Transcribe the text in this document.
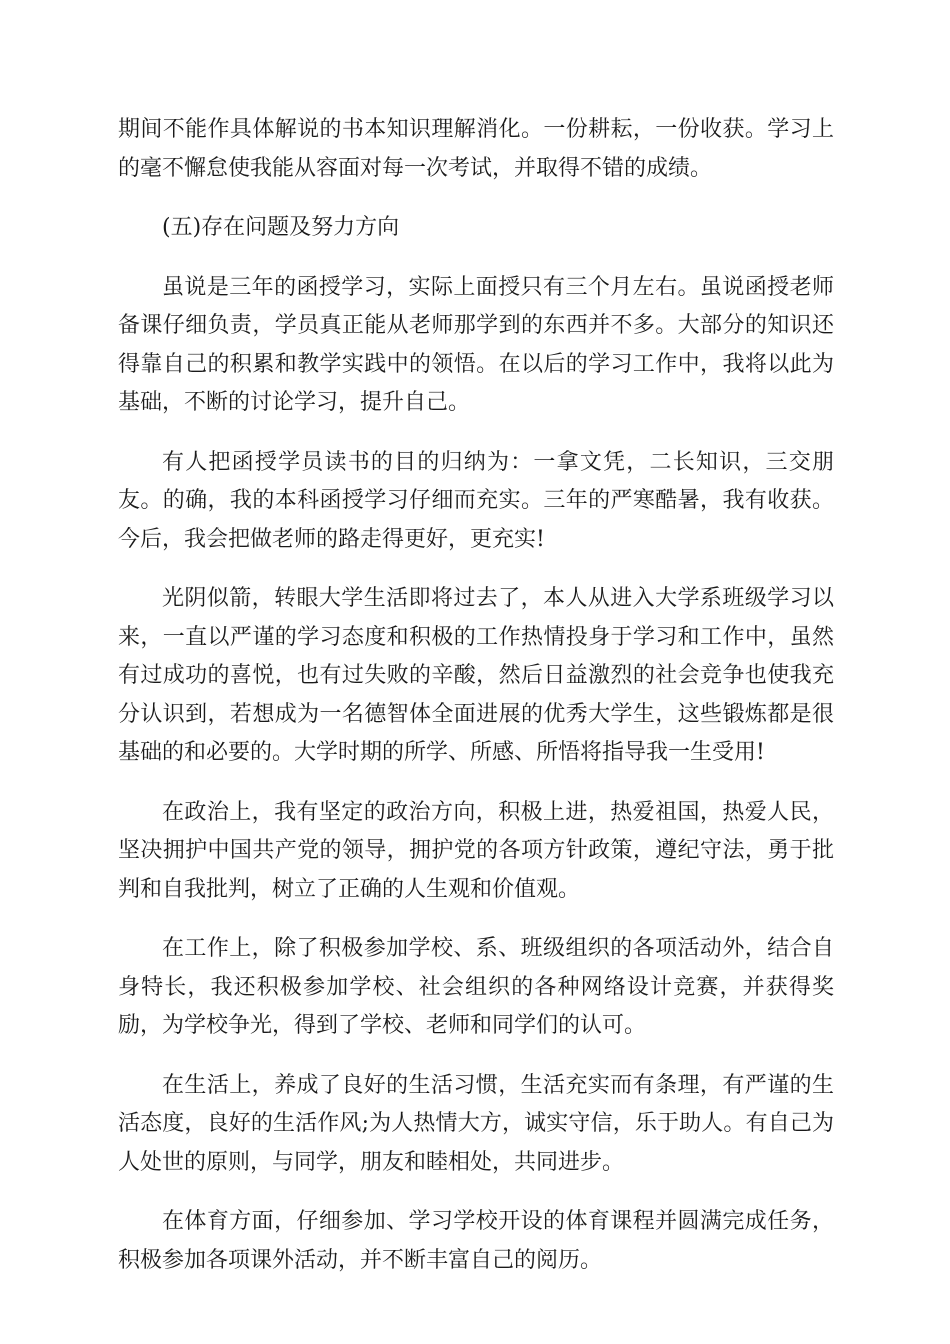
期间不能作具体解说的书本知识理解消化。一份耕耘，一份收获。学习上的毫不懈怠使我能从容面对每一次考试，并取得不错的成绩。

(五)存在问题及努力方向

虽说是三年的函授学习，实际上面授只有三个月左右。虽说函授老师备课仔细负责，学员真正能从老师那学到的东西并不多。大部分的知识还得靠自己的积累和教学实践中的领悟。在以后的学习工作中，我将以此为基础，不断的讨论学习，提升自己。

有人把函授学员读书的目的归纳为：一拿文凭，二长知识，三交朋友。的确，我的本科函授学习仔细而充实。三年的严寒酷暑，我有收获。今后，我会把做老师的路走得更好，更充实!

光阴似箭，转眼大学生活即将过去了，本人从进入大学系班级学习以来，一直以严谨的学习态度和积极的工作热情投身于学习和工作中，虽然有过成功的喜悦，也有过失败的辛酸，然后日益激烈的社会竞争也使我充分认识到，若想成为一名德智体全面进展的优秀大学生，这些锻炼都是很基础的和必要的。大学时期的所学、所感、所悟将指导我一生受用!

在政治上，我有坚定的政治方向，积极上进，热爱祖国，热爱人民，坚决拥护中国共产党的领导，拥护党的各项方针政策，遵纪守法，勇于批判和自我批判，树立了正确的人生观和价值观。

在工作上，除了积极参加学校、系、班级组织的各项活动外，结合自身特长，我还积极参加学校、社会组织的各种网络设计竞赛，并获得奖励，为学校争光，得到了学校、老师和同学们的认可。

在生活上，养成了良好的生活习惯，生活充实而有条理，有严谨的生活态度，良好的生活作风;为人热情大方，诚实守信，乐于助人。有自己为人处世的原则，与同学，朋友和睦相处，共同进步。

在体育方面，仔细参加、学习学校开设的体育课程并圆满完成任务，积极参加各项课外活动，并不断丰富自己的阅历。
